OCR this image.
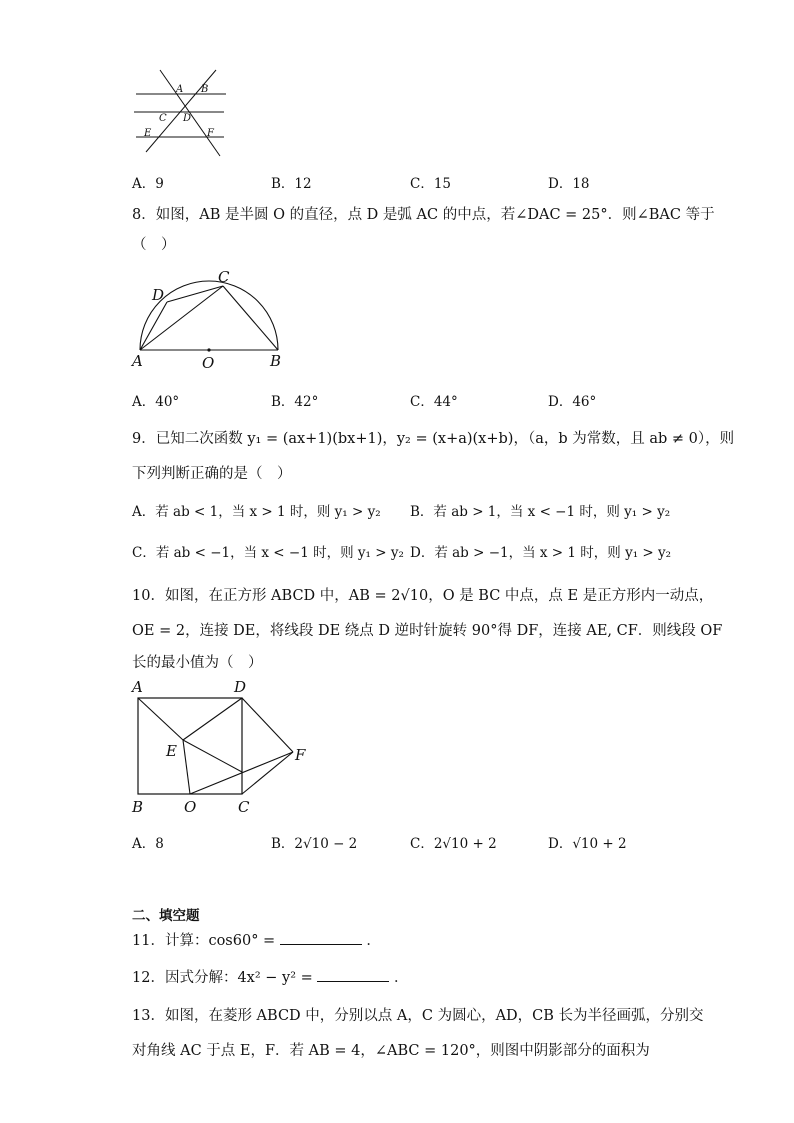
A B
C D
E	F
A．9	B．12	C．15	D．18
8．如图，AB 是半圆 O 的直径，点 D 是弧 AC 的中点，若∠DAC = 25°．则∠BAC 等于
（　）
A	B
C
D
O
A．40°	B．42°	C．44°	D．46°
9．已知二次函数 y₁ = (ax+1)(bx+1)，y₂ = (x+a)(x+b)，（a，b 为常数，且 ab ≠ 0），则
下列判断正确的是（　）
A．若 ab < 1，当 x > 1 时，则 y₁ > y₂ B．若 ab > 1，当 x < −1 时，则 y₁ > y₂
C．若 ab < −1，当 x < −1 时，则 y₁ > y₂ D．若 ab > −1，当 x > 1 时，则 y₁ > y₂
10．如图，在正方形 ABCD 中，AB = 2√10，O 是 BC 中点，点 E 是正方形内一动点，
OE = 2，连接 DE，将线段 DE 绕点 D 逆时针旋转 90°得 DF，连接 AE, CF．则线段 OF
长的最小值为（　）
A	D
E	F
B	O	C
A．8	B．2√10 − 2	C．2√10 + 2	D．√10 + 2
二、填空题
11．计算：cos60° =	．
12．因式分解：4x² − y² =	．
13．如图，在菱形 ABCD 中，分别以点 A，C 为圆心，AD，CB 长为半径画弧，分别交
对角线 AC 于点 E，F．若 AB = 4，∠ABC = 120°，则图中阴影部分的面积为
